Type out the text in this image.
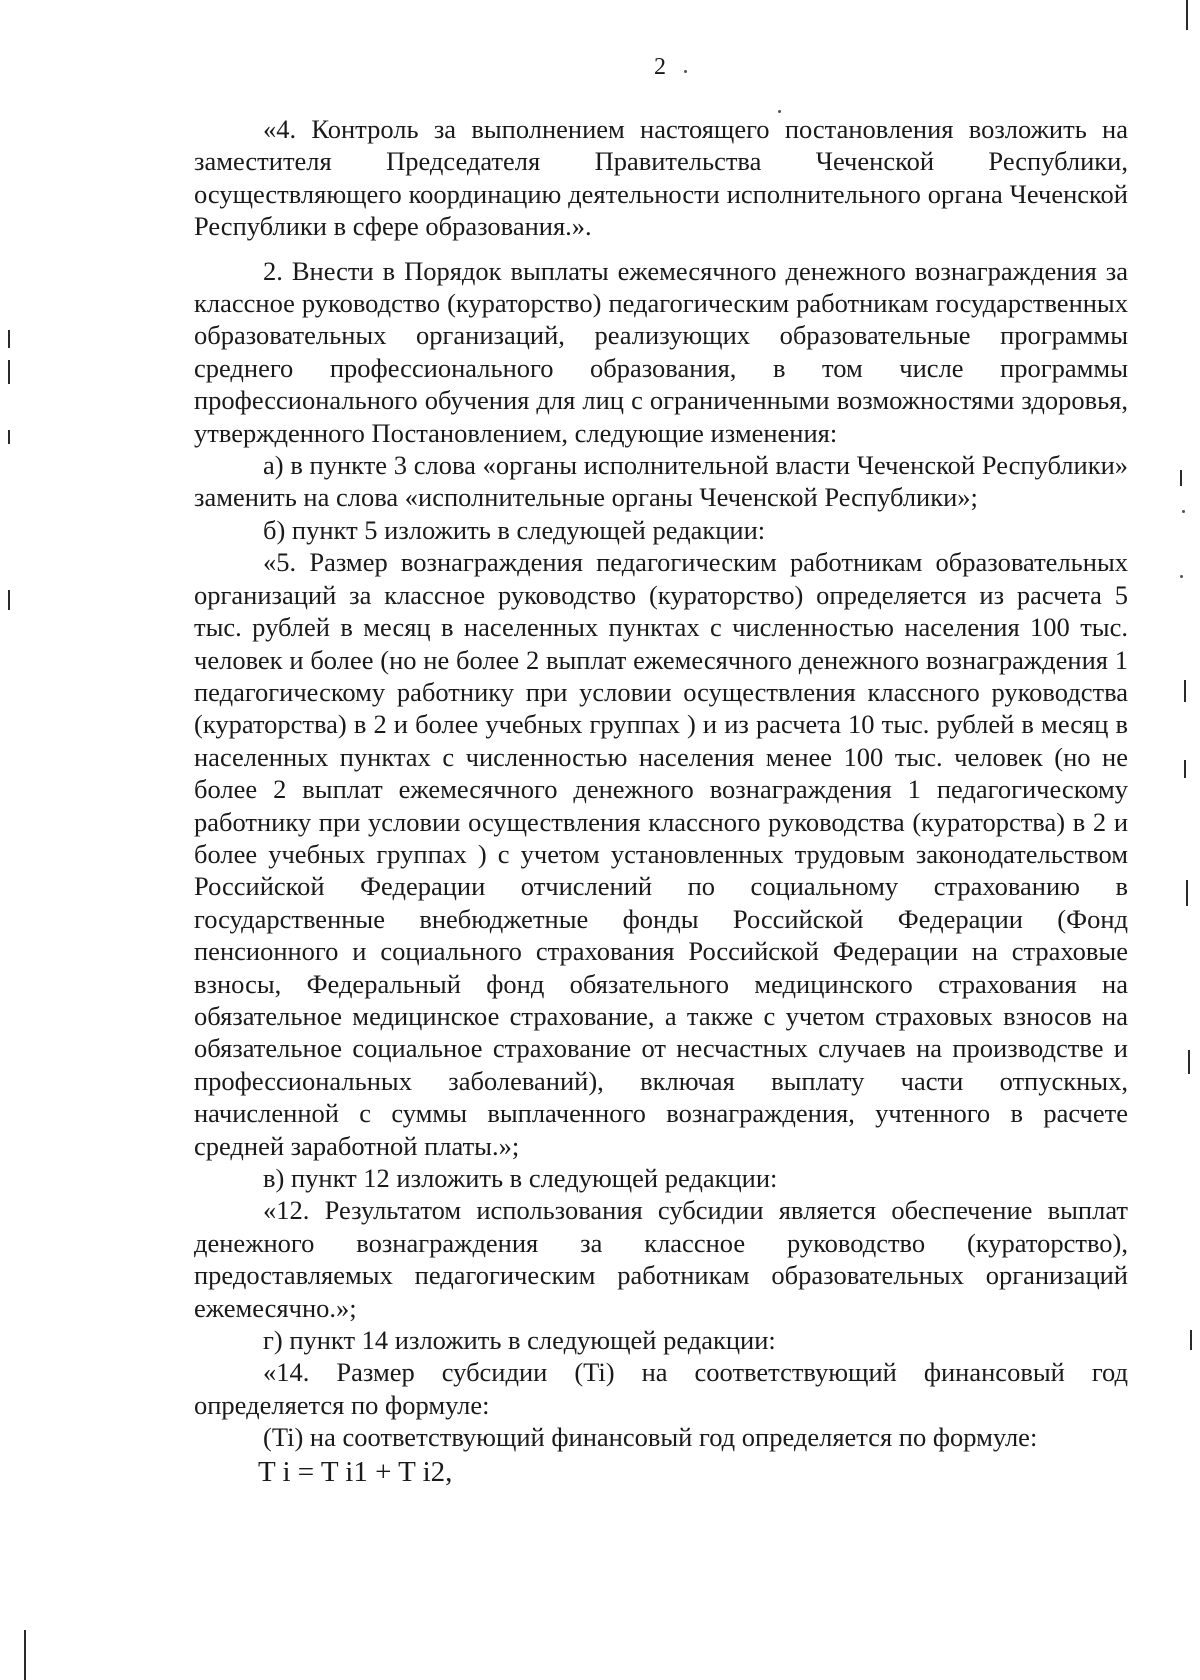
2

«4. Контроль за выполнением настоящего постановления возложить на заместителя Председателя Правительства Чеченской Республики, осуществляющего координацию деятельности исполнительного органа Чеченской Республики в сфере образования.».

2. Внести в Порядок выплаты ежемесячного денежного вознаграждения за классное руководство (кураторство) педагогическим работникам государственных образовательных организаций, реализующих образовательные программы среднего профессионального образования, в том числе программы профессионального обучения для лиц с ограниченными возможностями здоровья, утвержденного Постановлением, следующие изменения:

а) в пункте 3 слова «органы исполнительной власти Чеченской Республики» заменить на слова «исполнительные органы Чеченской Республики»;

б) пункт 5 изложить в следующей редакции:

«5. Размер вознаграждения педагогическим работникам образовательных организаций за классное руководство (кураторство) определяется из расчета 5 тыс. рублей в месяц в населенных пунктах с численностью населения 100 тыс. человек и более (но не более 2 выплат ежемесячного денежного вознаграждения 1 педагогическому работнику при условии осуществления классного руководства (кураторства) в 2 и более учебных группах ) и из расчета 10 тыс. рублей в месяц в населенных пунктах с численностью населения менее 100 тыс. человек (но не более 2 выплат ежемесячного денежного вознаграждения 1 педагогическому работнику при условии осуществления классного руководства (кураторства) в 2 и более учебных группах ) с учетом установленных трудовым законодательством Российской Федерации отчислений по социальному страхованию в государственные внебюджетные фонды Российской Федерации (Фонд пенсионного и социального страхования Российской Федерации на страховые взносы, Федеральный фонд обязательного медицинского страхования на обязательное медицинское страхование, а также с учетом страховых взносов на обязательное социальное страхование от несчастных случаев на производстве и профессиональных заболеваний), включая выплату части отпускных, начисленной с суммы выплаченного вознаграждения, учтенного в расчете средней заработной платы.»;

в) пункт 12 изложить в следующей редакции:

«12. Результатом использования субсидии является обеспечение выплат денежного вознаграждения за классное руководство (кураторство), предоставляемых педагогическим работникам образовательных организаций ежемесячно.»;

г) пункт 14 изложить в следующей редакции:

«14. Размер субсидии (Ti) на соответствующий финансовый год определяется по формуле:

(Ti) на соответствующий финансовый год определяется по формуле:

T i = T i1 + T i2,
